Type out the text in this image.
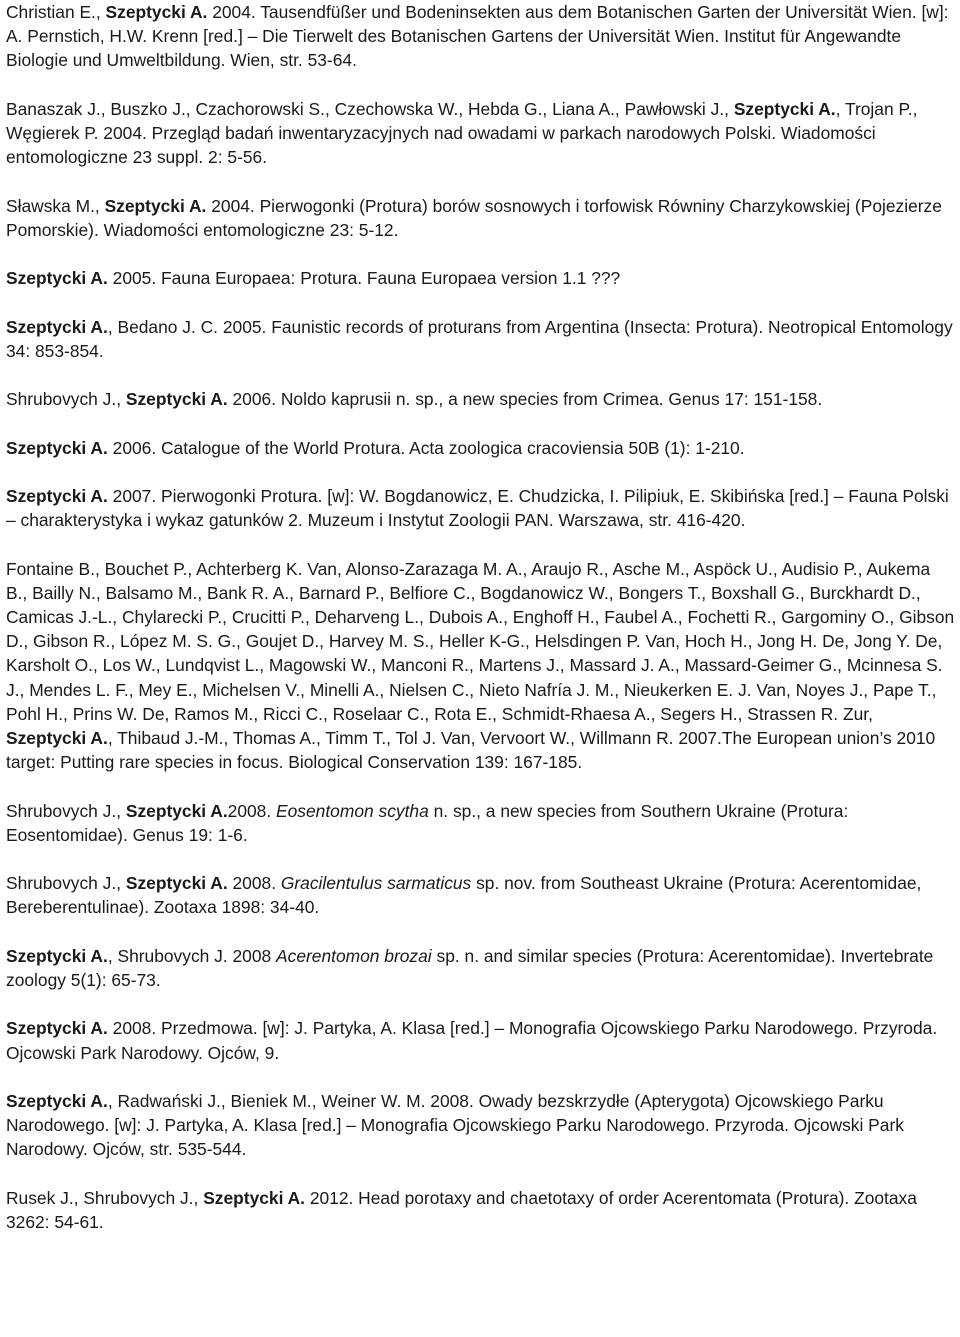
Christian E., Szeptycki A. 2004. Tausendfüßer und Bodeninsekten aus dem Botanischen Garten der Universität Wien. [w]: A. Pernstich, H.W. Krenn [red.] – Die Tierwelt des Botanischen Gartens der Universität Wien. Institut für Angewandte Biologie und Umweltbildung. Wien, str. 53-64.

Banaszak J., Buszko J., Czachorowski S., Czechowska W., Hebda G., Liana A., Pawłowski J., Szeptycki A., Trojan P., Węgierek P. 2004. Przegląd badań inwentaryzacyjnych nad owadami w parkach narodowych Polski. Wiadomości entomologiczne 23 suppl. 2: 5-56.

Sławska M., Szeptycki A. 2004. Pierwogonki (Protura) borów sosnowych i torfowisk Równiny Charzykowskiej (Pojezierze Pomorskie). Wiadomości entomologiczne 23: 5-12.

Szeptycki A. 2005. Fauna Europaea: Protura. Fauna Europaea version 1.1 ???

Szeptycki A., Bedano J. C. 2005. Faunistic records of proturans from Argentina (Insecta: Protura). Neotropical Entomology 34: 853-854.

Shrubovych J., Szeptycki A. 2006. Noldo kaprusii n. sp., a new species from Crimea. Genus 17: 151-158.

Szeptycki A. 2006. Catalogue of the World Protura. Acta zoologica cracoviensia 50B (1): 1-210.

Szeptycki A. 2007. Pierwogonki Protura. [w]: W. Bogdanowicz, E. Chudzicka, I. Pilipiuk, E. Skibińska [red.] – Fauna Polski – charakterystyka i wykaz gatunków 2. Muzeum i Instytut Zoologii PAN. Warszawa, str. 416-420.

Fontaine B., Bouchet P., Achterberg K. Van, Alonso-Zarazaga M. A., Araujo R., Asche M., Aspöck U., Audisio P., Aukema B., Bailly N., Balsamo M., Bank R. A., Barnard P., Belfiore C., Bogdanowicz W., Bongers T., Boxshall G., Burckhardt D., Camicas J.-L., Chylarecki P., Crucitti P., Deharveng L., Dubois A., Enghoff H., Faubel A., Fochetti R., Gargominy O., Gibson D., Gibson R., López M. S. G., Goujet D., Harvey M. S., Heller K-G., Helsdingen P. Van, Hoch H., Jong H. De, Jong Y. De, Karsholt O., Los W., Lundqvist L., Magowski W., Manconi R., Martens J., Massard J. A., Massard-Geimer G., Mcinnesa S. J., Mendes L. F., Mey E., Michelsen V., Minelli A., Nielsen C., Nieto Nafría J. M., Nieukerken E. J. Van, Noyes J., Pape T., Pohl H., Prins W. De, Ramos M., Ricci C., Roselaar C., Rota E., Schmidt-Rhaesa A., Segers H., Strassen R. Zur, Szeptycki A., Thibaud J.-M., Thomas A., Timm T., Tol J. Van, Vervoort W., Willmann R. 2007.The European union’s 2010 target: Putting rare species in focus. Biological Conservation 139: 167-185.

Shrubovych J., Szeptycki A.2008. Eosentomon scytha n. sp., a new species from Southern Ukraine (Protura: Eosentomidae). Genus 19: 1-6.

Shrubovych J., Szeptycki A. 2008. Gracilentulus sarmaticus sp. nov. from Southeast Ukraine (Protura: Acerentomidae, Bereberentulinae). Zootaxa 1898: 34-40.

Szeptycki A., Shrubovych J. 2008 Acerentomon brozai sp. n. and similar species (Protura: Acerentomidae). Invertebrate zoology 5(1): 65-73.

Szeptycki A. 2008. Przedmowa. [w]: J. Partyka, A. Klasa [red.] – Monografia Ojcowskiego Parku Narodowego. Przyroda. Ojcowski Park Narodowy. Ojców, 9.

Szeptycki A., Radwański J., Bieniek M., Weiner W. M. 2008. Owady bezskrzydłe (Apterygota) Ojcowskiego Parku Narodowego. [w]: J. Partyka, A. Klasa [red.] – Monografia Ojcowskiego Parku Narodowego. Przyroda. Ojcowski Park Narodowy. Ojców, str. 535-544.

Rusek J., Shrubovych J., Szeptycki A. 2012. Head porotaxy and chaetotaxy of order Acerentomata (Protura). Zootaxa 3262: 54-61.
